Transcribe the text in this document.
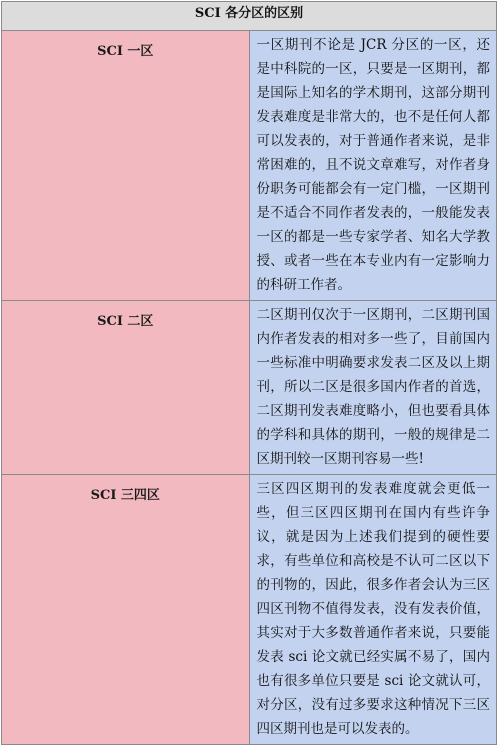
SCI 各分区的区别	
SCI 一区	一区期刊不论是 JCR 分区的一区，还是中科院的一区，只要是一区期刊，都是国际上知名的学术期刊，这部分期刊发表难度是非常大的，也不是任何人都可以发表的，对于普通作者来说，是非常困难的，且不说文章难写，对作者身份职务可能都会有一定门槛，一区期刊是不适合不同作者发表的，一般能发表一区的都是一些专家学者、知名大学教授、或者一些在本专业内有一定影响力的科研工作者。
SCI 二区	二区期刊仅次于一区期刊，二区期刊国内作者发表的相对多一些了，目前国内一些标准中明确要求发表二区及以上期刊，所以二区是很多国内作者的首选，二区期刊发表难度略小，但也要看具体的学科和具体的期刊，一般的规律是二区期刊较一区期刊容易一些!
SCI 三四区	三区四区期刊的发表难度就会更低一些，但三区四区期刊在国内有些许争议，就是因为上述我们提到的硬性要求，有些单位和高校是不认可二区以下的刊物的，因此，很多作者会认为三区四区刊物不值得发表，没有发表价值，其实对于大多数普通作者来说，只要能发表 sci 论文就已经实属不易了，国内也有很多单位只要是 sci 论文就认可，对分区，没有过多要求这种情况下三区四区期刊也是可以发表的。
